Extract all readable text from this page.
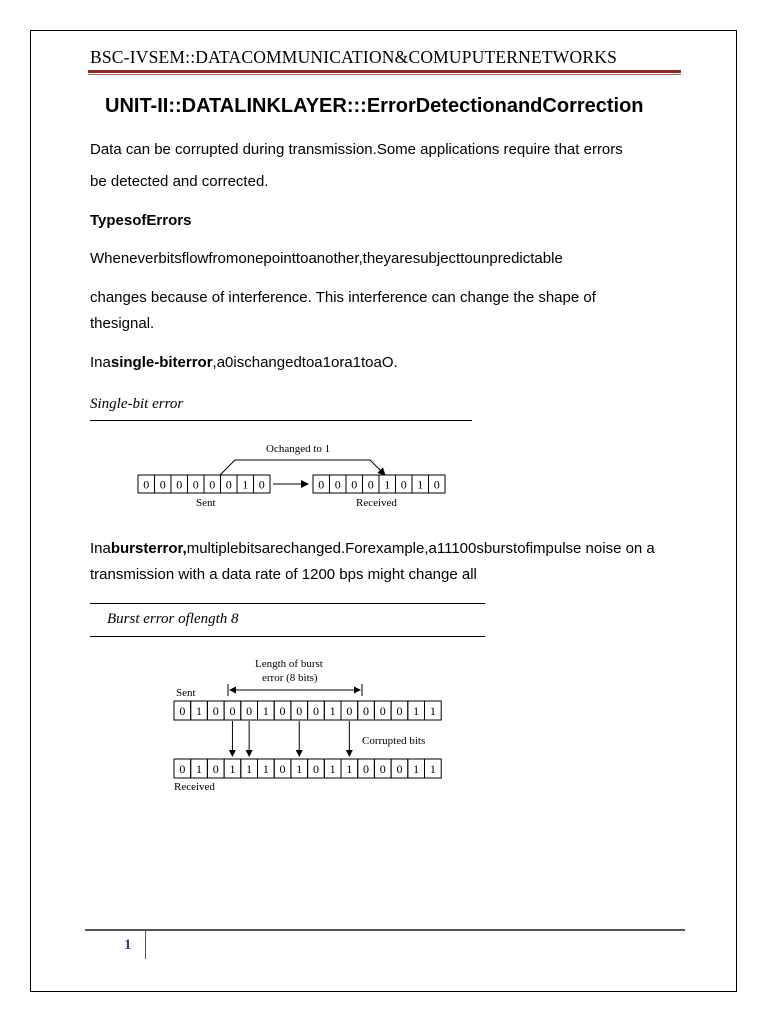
BSC-IVSEM::DATACOMMUNICATION&COMUPUTERNETWORKS

UNIT-II::DATALINKLAYER:::ErrorDetectionandCorrection

Data can be corrupted during transmission.Some applications require that errors

be detected and corrected.

TypesofErrors

Wheneverbitsflowfromonepointtoanother,theyaresubjecttounpredictable

changes because of interference. This interference can change the shape of

thesignal.

Inasingle-biterror,a0ischangedtoa1ora1toaO.

Single-bit error

Ochanged to 1
0 0 0 0 0 0 1 0	0 0 0 0 1 0 1 0
Sent	Received

Inabursterror,multiplebitsarechanged.Forexample,a11100sburstofimpulse noise on a

transmission with a data rate of 1200 bps might change all

Burst error oflength 8

Length of burst
error (8 bits)
Sent
0 1 0 0 0 1 0 0 0 1 0 0 0 0 1 1
Corrupted bits
0 1 0 1 1 1 0 1 0 1 1 0 0 0 1 1
Received

1
